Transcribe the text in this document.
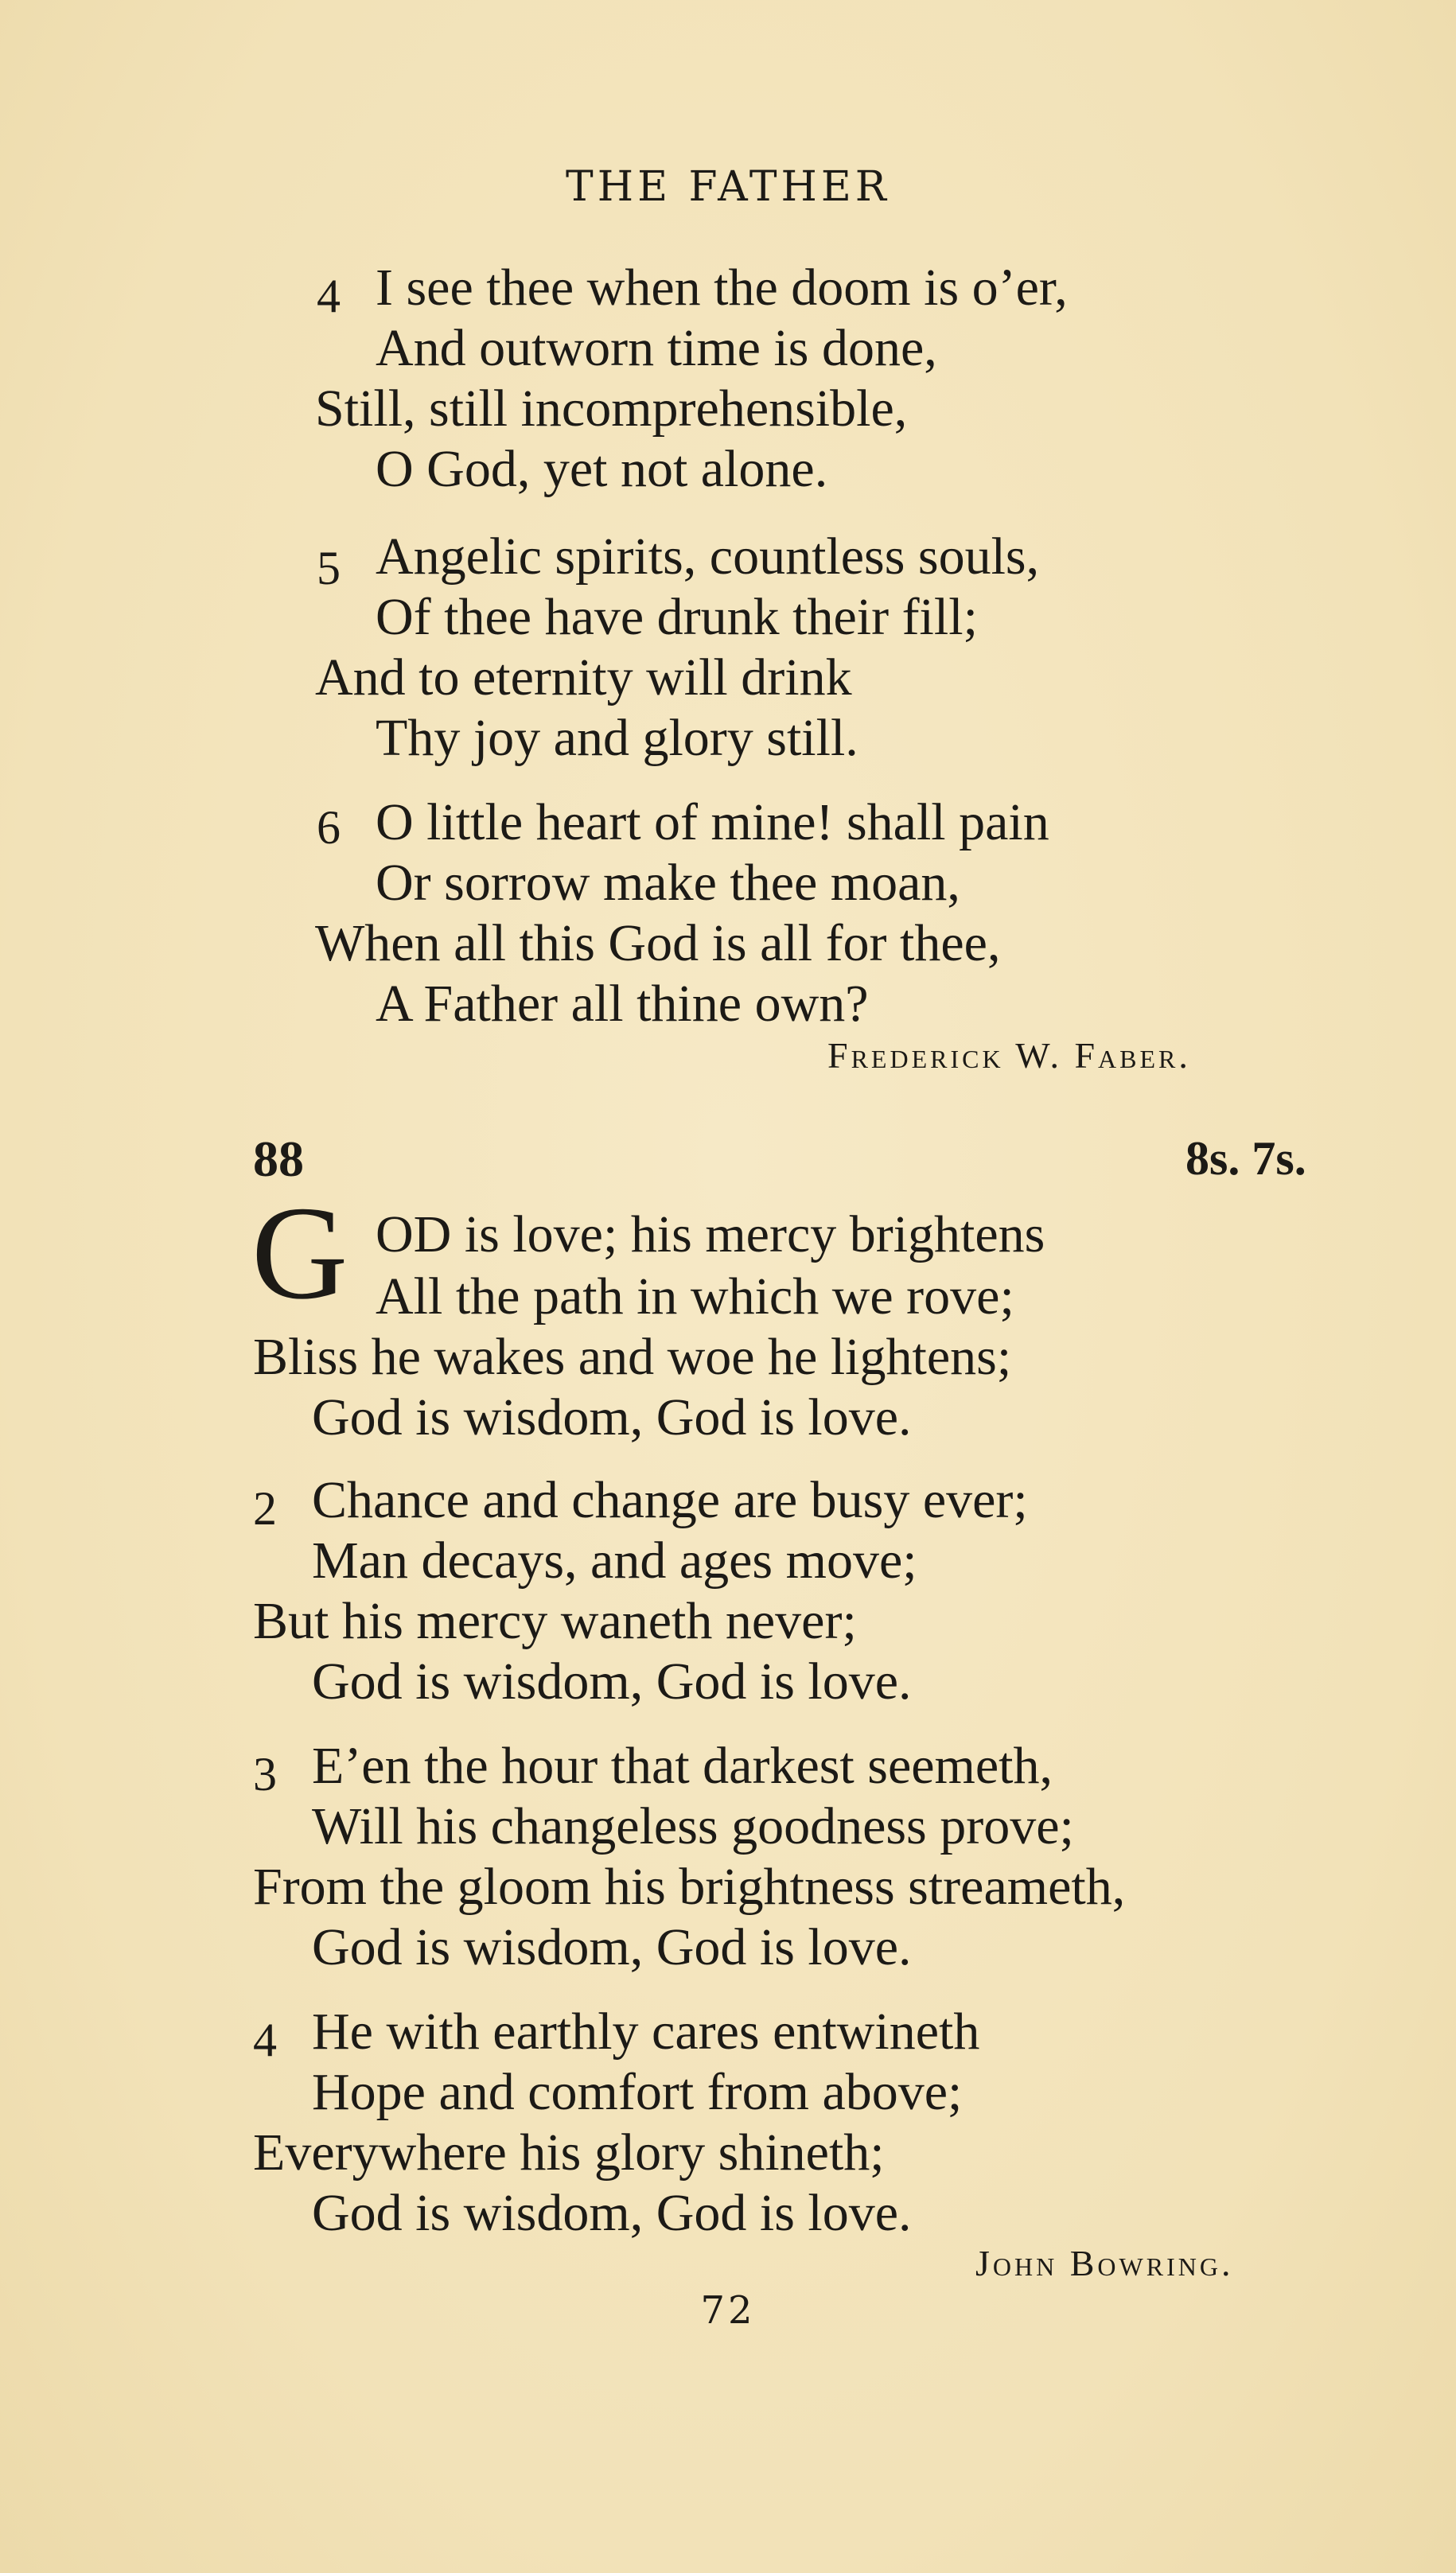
THE FATHER
4 I see thee when the doom is o’er,
And outworn time is done,
Still, still incomprehensible,
O God, yet not alone.
5 Angelic spirits, countless souls,
Of thee have drunk their fill;
And to eternity will drink
Thy joy and glory still.
6 O little heart of mine! shall pain
Or sorrow make thee moan,
When all this God is all for thee,
A Father all thine own?
Frederick W. Faber.
88	8s. 7s.
G OD is love; his mercy brightens
All the path in which we rove;
Bliss he wakes and woe he lightens;
God is wisdom, God is love.
2 Chance and change are busy ever;
Man decays, and ages move;
But his mercy waneth never;
God is wisdom, God is love.
3 E’en the hour that darkest seemeth,
Will his changeless goodness prove;
From the gloom his brightness streameth,
God is wisdom, God is love.
4 He with earthly cares entwineth
Hope and comfort from above;
Everywhere his glory shineth;
God is wisdom, God is love.
John Bowring.
72
